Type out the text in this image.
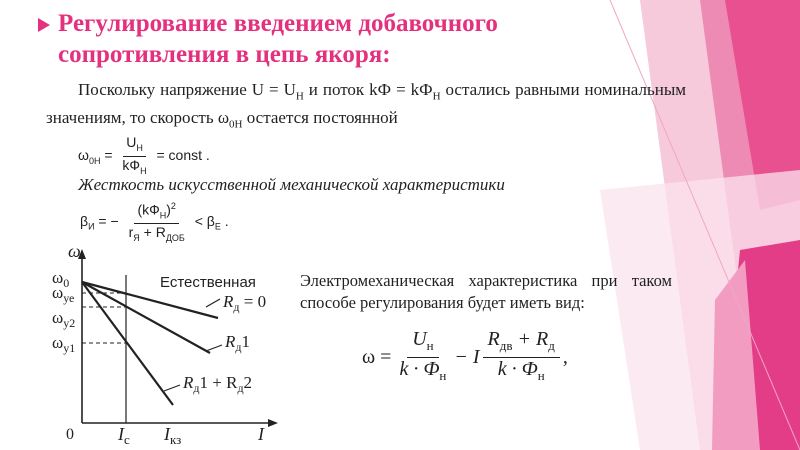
Регулирование введением добавочного сопротивления в цепь якоря:
Поскольку напряжение $U = U_Н$ и поток kФ = $kФ_Н$ остались равными номинальным значениям, то скорость $\omega_{0Н}$ остается постоянной
$\omega_{0Н} = \frac{U_Н}{kФ_Н}$ = const .
Жесткость искусственной механической характеристики
$\beta_И$ = − $\frac{(kФ_Н)^2}{r_Я + R_{ДОБ}} < \beta_Е$ .
Электромеханическая характеристика при таком способе регулирования будет иметь вид:
$\omega = \frac{U_н}{k \cdot Ф_н} - I \frac{R_{дв} + R_д}{k \cdot Ф_н}$ ,
ω
$\omega_0$
$\omega_{уе}$
$\omega_{у2}$
$\omega_{у1}$
0 $I_с$ $I_{кз}$	I
Естественная
$R_д = 0$
$R_д1$
$R_д1 + R_д2$
